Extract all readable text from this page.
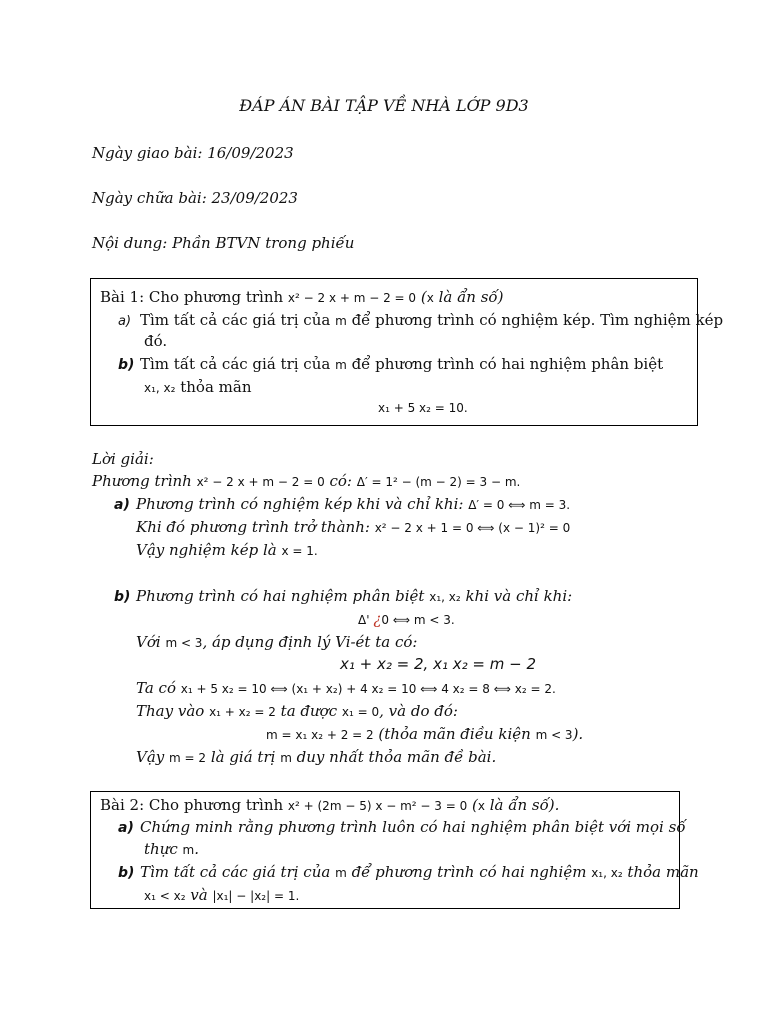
ĐÁP ÁN BÀI TẬP VỀ NHÀ LỚP 9D3
Ngày giao bài: 16/09/2023
Ngày chữa bài: 23/09/2023
Nội dung: Phần BTVN trong phiếu
Bài 1: Cho phương trình x² − 2 x + m − 2 = 0 (x là ẩn số)
a) Tìm tất cả các giá trị của m để phương trình có nghiệm kép. Tìm nghiệm kép
đó.
b) Tìm tất cả các giá trị của m để phương trình có hai nghiệm phân biệt
x₁, x₂ thỏa mãn
x₁ + 5 x₂ = 10.
Lời giải:
Phương trình x² − 2 x + m − 2 = 0 có: Δ′ = 1² − (m − 2) = 3 − m.
a) Phương trình có nghiệm kép khi và chỉ khi: Δ′ = 0 ⟺ m = 3.
Khi đó phương trình trở thành: x² − 2 x + 1 = 0 ⟺ (x − 1)² = 0
Vậy nghiệm kép là x = 1.
b) Phương trình có hai nghiệm phân biệt x₁, x₂ khi và chỉ khi:
Δ' ¿0 ⟺ m < 3.
Với m < 3, áp dụng định lý Vi-ét ta có:
x₁ + x₂ = 2, x₁ x₂ = m − 2
Ta có x₁ + 5 x₂ = 10 ⟺ (x₁ + x₂) + 4 x₂ = 10 ⟺ 4 x₂ = 8 ⟺ x₂ = 2.
Thay vào x₁ + x₂ = 2 ta được x₁ = 0, và do đó:
m = x₁ x₂ + 2 = 2 (thỏa mãn điều kiện m < 3).
Vậy m = 2 là giá trị m duy nhất thỏa mãn đề bài.
Bài 2: Cho phương trình x² + (2m − 5) x − m² − 3 = 0 (x là ẩn số).
a) Chứng minh rằng phương trình luôn có hai nghiệm phân biệt với mọi số
thực m.
b) Tìm tất cả các giá trị của m để phương trình có hai nghiệm x₁, x₂ thỏa mãn
x₁ < x₂ và |x₁| − |x₂| = 1.
